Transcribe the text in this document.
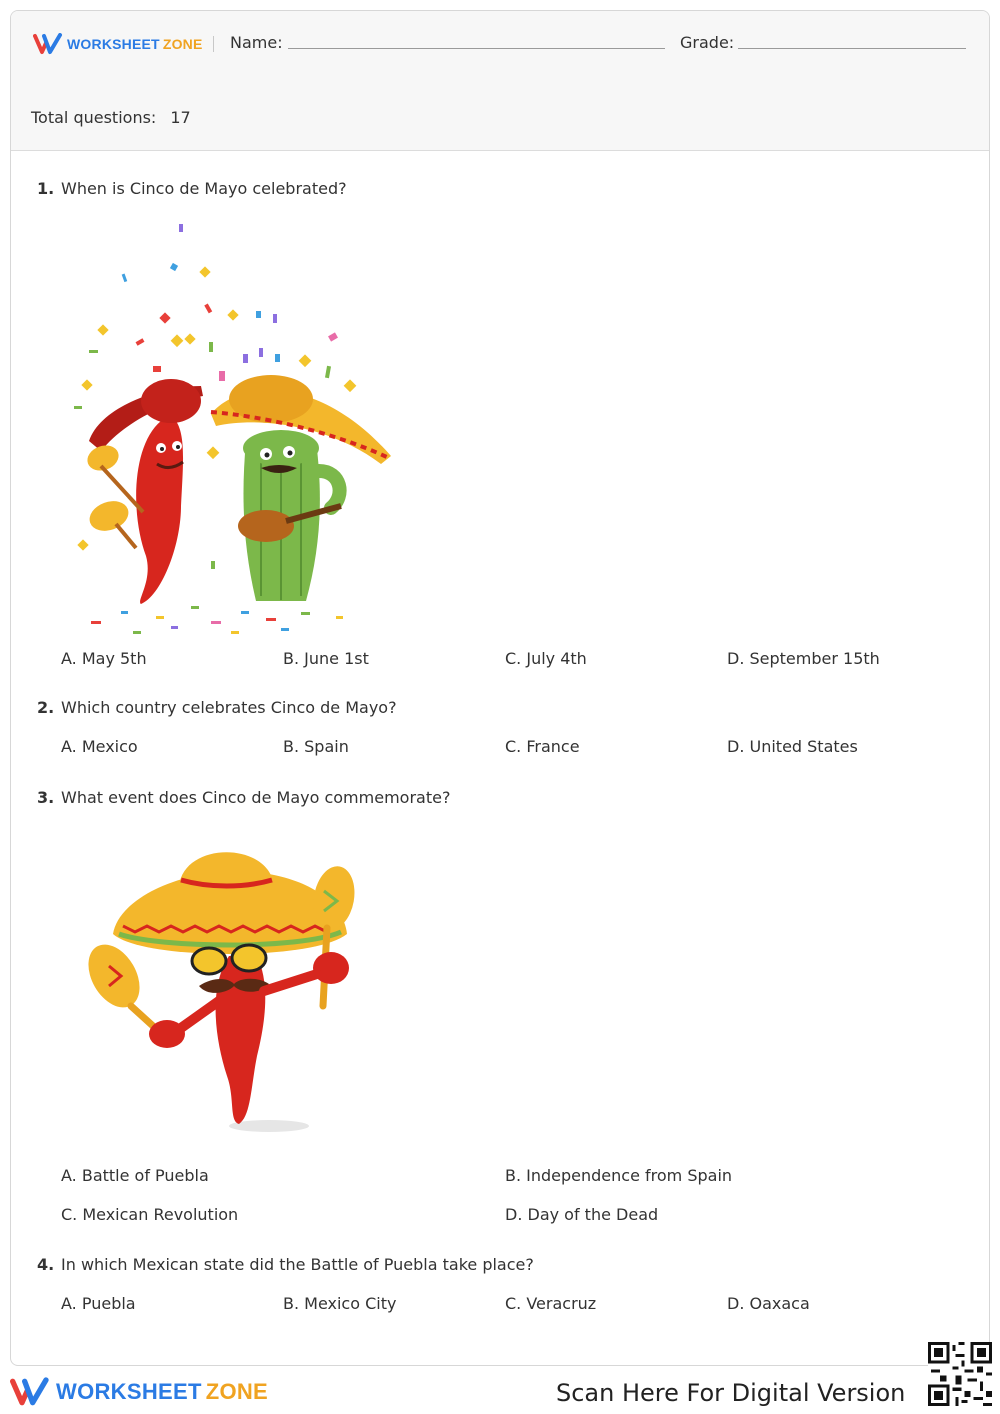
WORKSHEET ZONE Name:	Grade:
Total questions: 17
1. When is Cinco de Mayo celebrated?
A. May 5th	B. June 1st	C. July 4th	D. September 15th
2. Which country celebrates Cinco de Mayo?
A. Mexico	B. Spain	C. France	D. United States
3. What event does Cinco de Mayo commemorate?
A. Battle of Puebla	B. Independence from Spain
C. Mexican Revolution	D. Day of the Dead
4. In which Mexican state did the Battle of Puebla take place?
A. Puebla	B. Mexico City	C. Veracruz	D. Oaxaca
WORKSHEET ZONE	Scan Here For Digital Version
